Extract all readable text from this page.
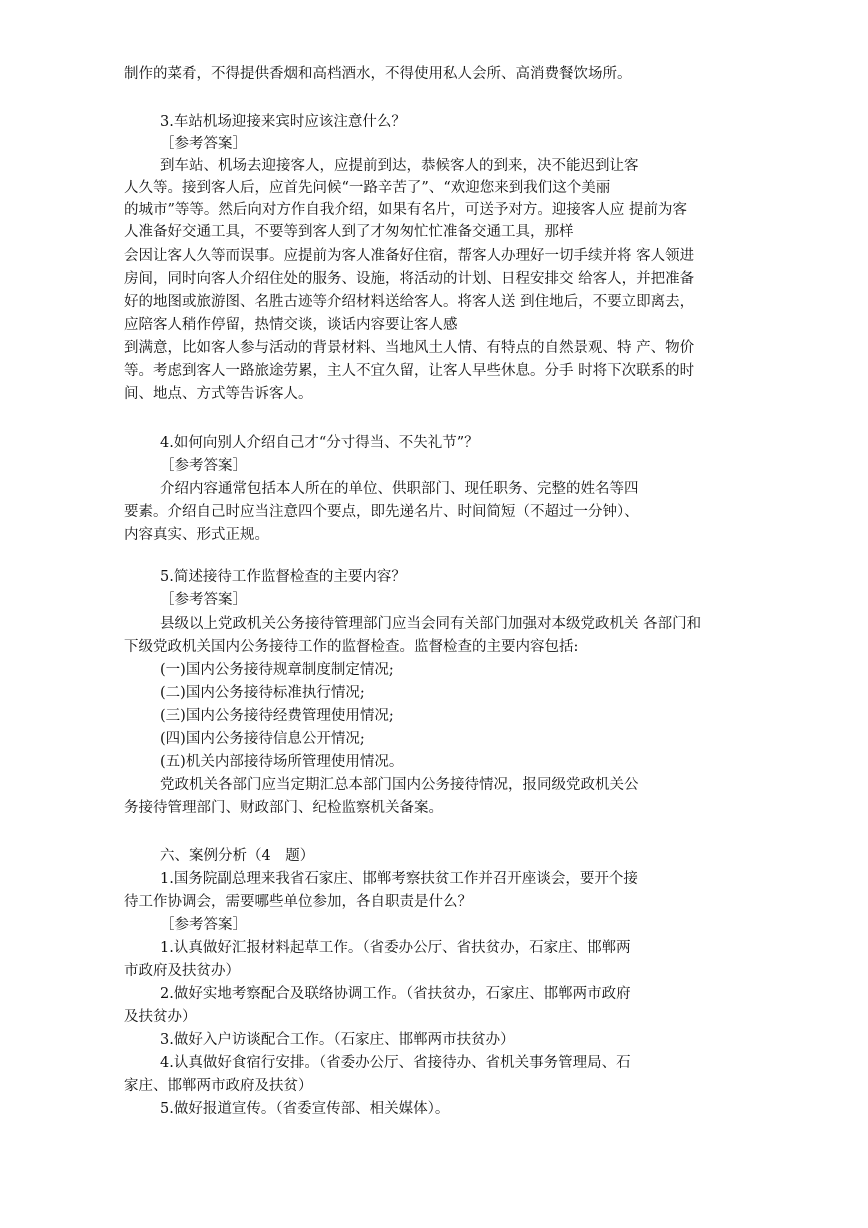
制作的菜肴，不得提供香烟和高档酒水，不得使用私人会所、高消费餐饮场所。

3.车站机场迎接来宾时应该注意什么？

［参考答案］

到车站、机场去迎接客人，应提前到达，恭候客人的到来，决不能迟到让客

人久等。接到客人后，应首先问候“一路辛苦了”、“欢迎您来到我们这个美丽

的城市”等等。然后向对方作自我介绍，如果有名片，可送予对方。迎接客人应 提前为客

人准备好交通工具，不要等到客人到了才匆匆忙忙准备交通工具，那样

会因让客人久等而误事。应提前为客人准备好住宿，帮客人办理好一切手续并将 客人领进

房间，同时向客人介绍住处的服务、设施，将活动的计划、日程安排交 给客人，并把准备

好的地图或旅游图、名胜古迹等介绍材料送给客人。将客人送 到住地后，不要立即离去，

应陪客人稍作停留，热情交谈，谈话内容要让客人感

到满意，比如客人参与活动的背景材料、当地风土人情、有特点的自然景观、特 产、物价

等。考虑到客人一路旅途劳累，主人不宜久留，让客人早些休息。分手 时将下次联系的时

间、地点、方式等告诉客人。

4.如何向别人介绍自己才“分寸得当、不失礼节”？

［参考答案］

介绍内容通常包括本人所在的单位、供职部门、现任职务、完整的姓名等四

要素。介绍自己时应当注意四个要点，即先递名片、时间简短（不超过一分钟）、

内容真实、形式正规。

5.简述接待工作监督检查的主要内容？

［参考答案］

县级以上党政机关公务接待管理部门应当会同有关部门加强对本级党政机关 各部门和

下级党政机关国内公务接待工作的监督检查。监督检查的主要内容包括:

(一)国内公务接待规章制度制定情况;

(二)国内公务接待标准执行情况;

(三)国内公务接待经费管理使用情况;

(四)国内公务接待信息公开情况;

(五)机关内部接待场所管理使用情况。

党政机关各部门应当定期汇总本部门国内公务接待情况，报同级党政机关公

务接待管理部门、财政部门、纪检监察机关备案。

六、案例分析（4　题）

1.国务院副总理来我省石家庄、邯郸考察扶贫工作并召开座谈会，要开个接

待工作协调会，需要哪些单位参加，各自职责是什么？

［参考答案］

1.认真做好汇报材料起草工作。（省委办公厅、省扶贫办，石家庄、邯郸两

市政府及扶贫办）

2.做好实地考察配合及联络协调工作。（省扶贫办，石家庄、邯郸两市政府

及扶贫办）

3.做好入户访谈配合工作。（石家庄、邯郸两市扶贫办）

4.认真做好食宿行安排。（省委办公厅、省接待办、省机关事务管理局、石

家庄、邯郸两市政府及扶贫）

5.做好报道宣传。（省委宣传部、相关媒体）。
